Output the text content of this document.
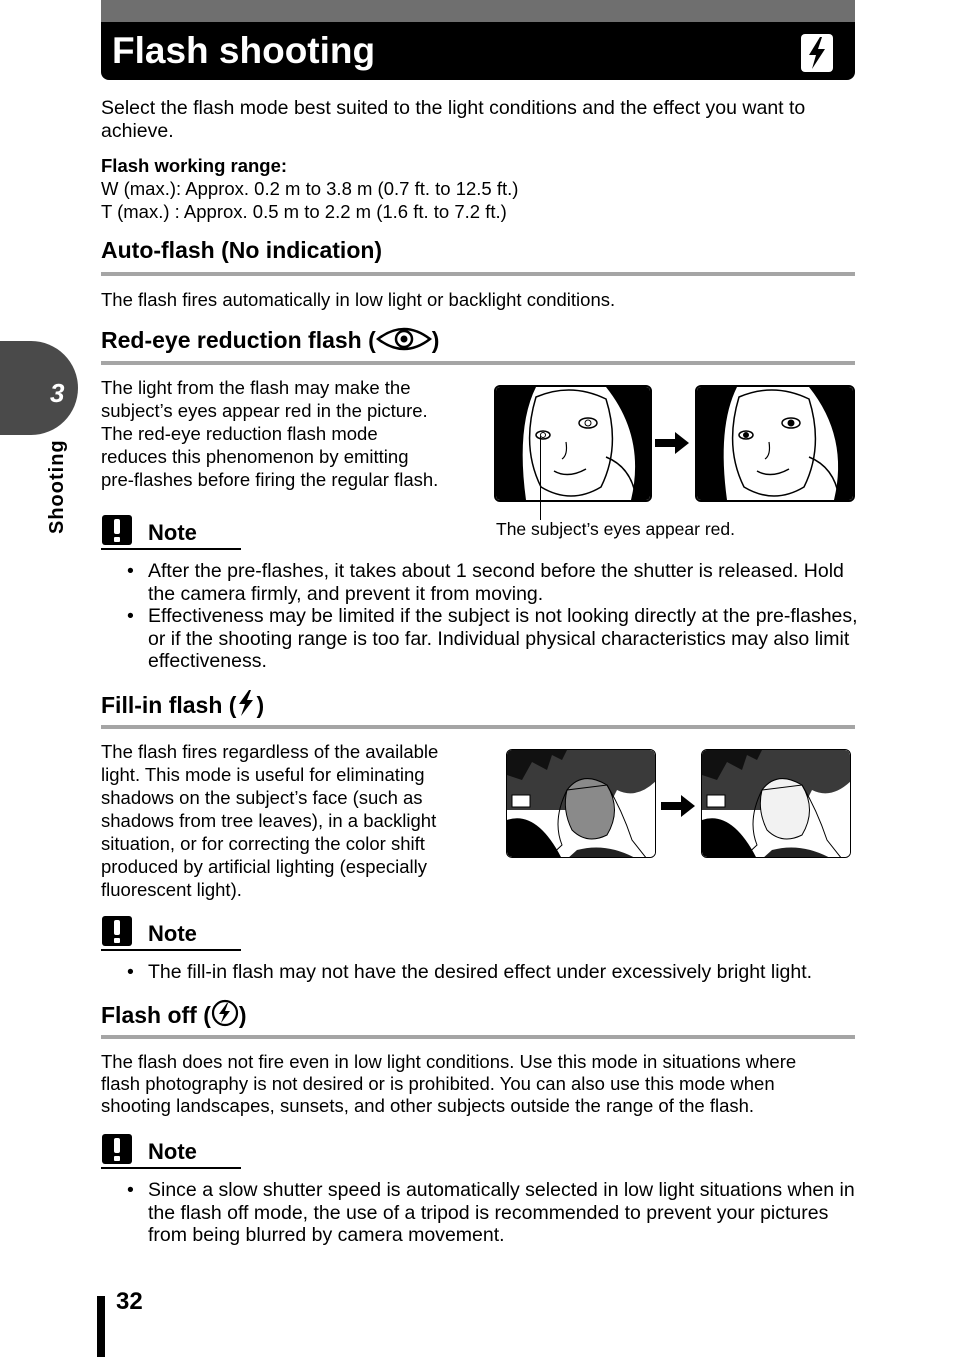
Flash shooting
Select the flash mode best suited to the light conditions and the effect you want to achieve.
Flash working range:
W (max.): Approx. 0.2 m to 3.8 m (0.7 ft. to 12.5 ft.)
T (max.) : Approx. 0.5 m to 2.2 m (1.6 ft. to 7.2 ft.)
3
Shooting
Auto-flash (No indication)
The flash fires automatically in low light or backlight conditions.
Red-eye reduction flash ( )
The light from the flash may make the
subject’s eyes appear red in the picture.
The red-eye reduction flash mode
reduces this phenomenon by emitting
pre-flashes before firing the regular flash.
The subject’s eyes appear red.
Note
• After the pre-flashes, it takes about 1 second before the shutter is released. Hold the camera firmly, and prevent it from moving.
• Effectiveness may be limited if the subject is not looking directly at the pre-flashes, or if the shooting range is too far. Individual physical characteristics may also limit effectiveness.
Fill-in flash ( )
The flash fires regardless of the available
light. This mode is useful for eliminating
shadows on the subject’s face (such as
shadows from tree leaves), in a backlight
situation, or for correcting the color shift
produced by artificial lighting (especially
fluorescent light).
Note
• The fill-in flash may not have the desired effect under excessively bright light.
Flash off ( )
The flash does not fire even in low light conditions. Use this mode in situations where
flash photography is not desired or is prohibited. You can also use this mode when
shooting landscapes, sunsets, and other subjects outside the range of the flash.
Note
• Since a slow shutter speed is automatically selected in low light situations when in the flash off mode, the use of a tripod is recommended to prevent your pictures from being blurred by camera movement.
32
